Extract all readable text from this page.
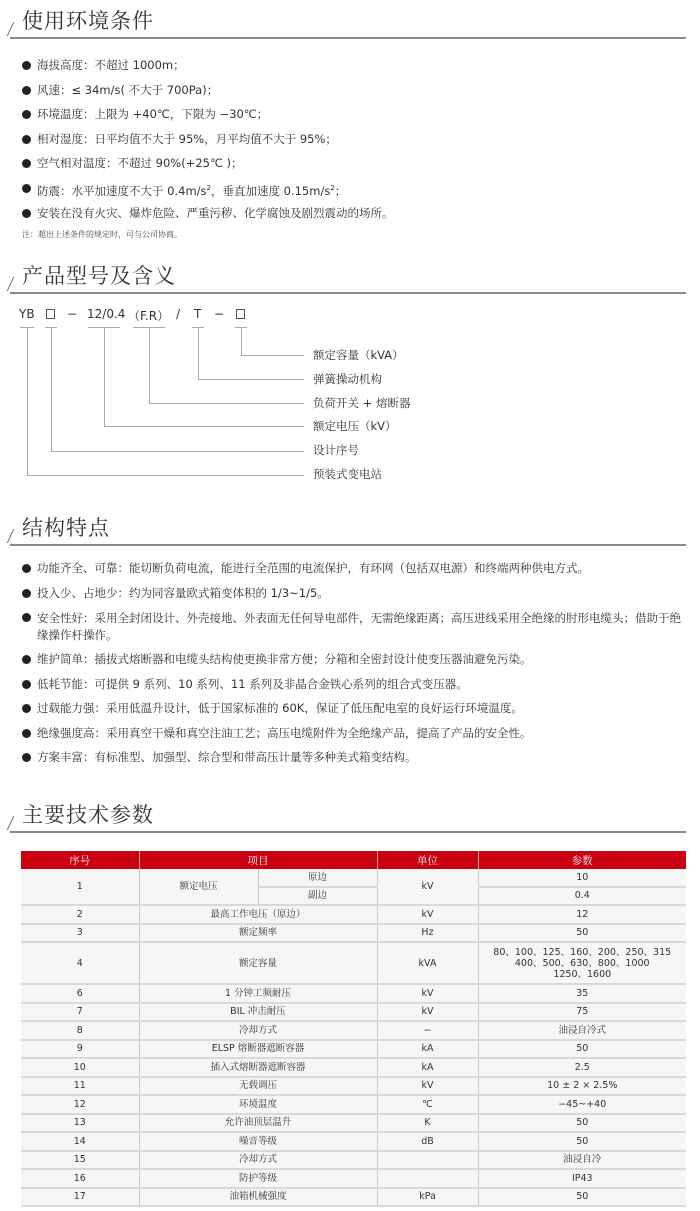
使用环境条件
海拔高度：不超过 1000m；
风速：≤ 34m/s( 不大于 700Pa)；
环境温度：上限为 +40℃，下限为 −30℃；
相对湿度：日平均值不大于 95%，月平均值不大于 95%；
空气相对温度：不超过 90%(+25℃ )；
防震：水平加速度不大于 $0.4m/s^2$，垂直加速度 $0.15m/s^2$；
安装在没有火灾、爆炸危险、严重污秽、化学腐蚀及剧烈震动的场所。
注：超出上述条件的规定时，可与公司协商。
产品型号及含义
YB	− 12/0.4 （F.R） / T −
额定容量（kVA）
弹簧操动机构
负荷开关 + 熔断器
额定电压（kV）
设计序号
预装式变电站
结构特点
功能齐全、可靠：能切断负荷电流，能进行全范围的电流保护，有环网（包括双电源）和终端两种供电方式。
投入少、占地少：约为同容量欧式箱变体积的 1/3~1/5。
安全性好：采用全封闭设计、外壳接地、外表面无任何导电部件，无需绝缘距离；高压进线采用全绝缘的肘形电缆头；借助于绝缘操作杆操作。
维护简单：插拔式熔断器和电缆头结构使更换非常方便；分箱和全密封设计使变压器油避免污染。
低耗节能：可提供 9 系列、10 系列、11 系列及非晶合金铁心系列的组合式变压器。
过载能力强：采用低温升设计，低于国家标准的 60K，保证了低压配电室的良好运行环境温度。
绝缘强度高：采用真空干燥和真空注油工艺；高压电缆附件为全绝缘产品，提高了产品的安全性。
方案丰富：有标准型、加强型、综合型和带高压计量等多种美式箱变结构。
主要技术参数
序号	项目		单位	参数
1	额定电压	原边	kV	10
		副边		0.4
2	最高工作电压（原边）		kV	12
3	额定频率		Hz	50
4	额定容量		kVA	80、100、125、160、200、250、315
400、500、630、800、1000
1250、1600
6	1 分钟工频耐压		kV	35
7	BIL 冲击耐压		kV	75
8	冷却方式		−	油浸自冷式
9	ELSP 熔断器遮断容器		kA	50
10	插入式熔断器遮断容器		kA	2.5
11	无载调压		kV	10 ± 2 × 2.5%
12	环境温度		℃	−45~+40
13	允许油顶层温升		K	50
14	噪音等级		dB	50
15	冷却方式			油浸自冷
16	防护等级			IP43
17	油箱机械强度		kPa	50
